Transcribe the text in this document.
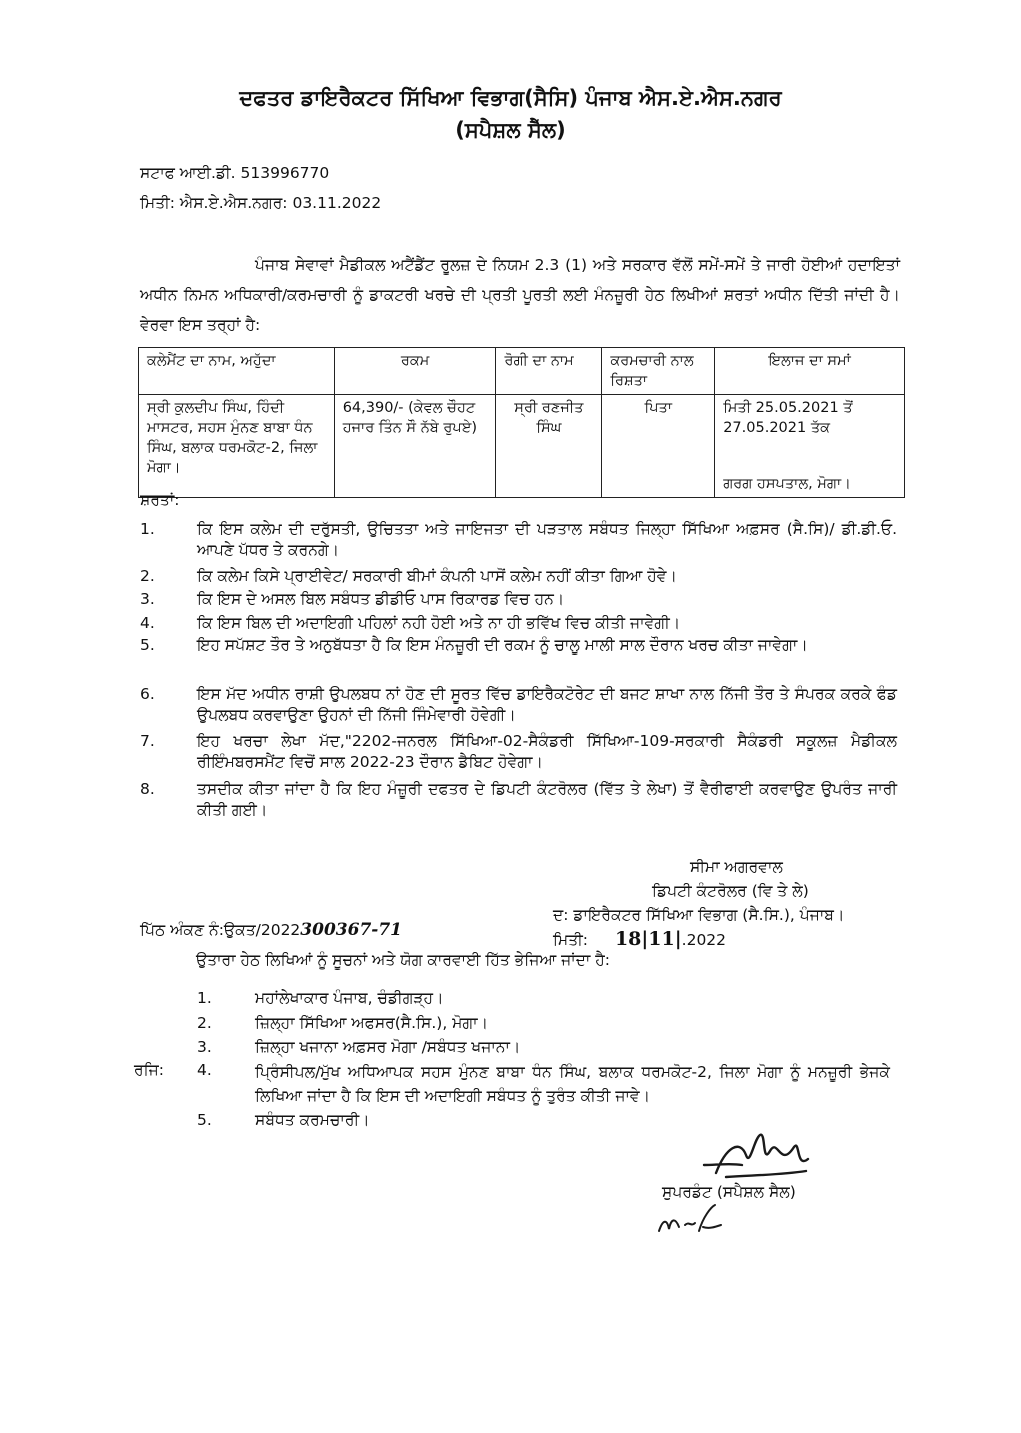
ਦਫਤਰ ਡਾਇਰੈਕਟਰ ਸਿੱਖਿਆ ਵਿਭਾਗ(ਸੈਸਿ) ਪੰਜਾਬ ਐਸ.ਏ.ਐਸ.ਨਗਰ
(ਸਪੈਸ਼ਲ ਸੈੱਲ)
ਸਟਾਫ ਆਈ.ਡੀ. 513996770
ਮਿਤੀ: ਐਸ.ਏ.ਐਸ.ਨਗਰ: 03.11.2022
ਪੰਜਾਬ ਸੇਵਾਵਾਂ ਮੈਡੀਕਲ ਅਟੈਂਡੈਂਟ ਰੂਲਜ਼ ਦੇ ਨਿਯਮ 2.3 (1) ਅਤੇ ਸਰਕਾਰ ਵੱਲੋਂ ਸਮੇਂ-ਸਮੇਂ ਤੇ ਜਾਰੀ ਹੋਈਆਂ ਹਦਾਇਤਾਂ ਅਧੀਨ ਨਿਮਨ ਅਧਿਕਾਰੀ/ਕਰਮਚਾਰੀ ਨੂੰ ਡਾਕਟਰੀ ਖਰਚੇ ਦੀ ਪ੍ਰਤੀ ਪੂਰਤੀ ਲਈ ਮੰਨਜ਼ੂਰੀ ਹੇਠ ਲਿਖੀਆਂ ਸ਼ਰਤਾਂ ਅਧੀਨ ਦਿੱਤੀ ਜਾਂਦੀ ਹੈ। ਵੇਰਵਾ ਇਸ ਤਰ੍ਹਾਂ ਹੈ:
ਕਲੇਮੈਂਟ ਦਾ ਨਾਮ, ਅਹੁੱਦਾ	ਰਕਮ	ਰੋਗੀ ਦਾ ਨਾਮ	ਕਰਮਚਾਰੀ ਨਾਲ ਰਿਸ਼ਤਾ	ਇਲਾਜ ਦਾ ਸਮਾਂ
ਸ੍ਰੀ ਕੁਲਦੀਪ ਸਿੰਘ, ਹਿੰਦੀ ਮਾਸਟਰ, ਸਹਸ ਮੁੰਨਣ ਬਾਬਾ ਧੰਨ ਸਿੰਘ, ਬਲਾਕ ਧਰਮਕੋਟ-2, ਜਿਲਾ ਮੋਗਾ।	64,390/- (ਕੇਵਲ ਚੌਹਟ ਹਜਾਰ ਤਿੰਨ ਸੌ ਨੱਬੇ ਰੁਪਏ)	ਸ੍ਰੀ ਰਣਜੀਤ ਸਿੰਘ	ਪਿਤਾ	ਮਿਤੀ 25.05.2021 ਤੋਂ 27.05.2021 ਤੱਕ
ਗਰਗ ਹਸਪਤਾਲ, ਮੋਗਾ।
ਸ਼ਰਤਾਂ:
1.	ਕਿ ਇਸ ਕਲੇਮ ਦੀ ਦਰੁੱਸਤੀ, ਉਚਿਤਤਾ ਅਤੇ ਜਾਇਜਤਾ ਦੀ ਪੜਤਾਲ ਸਬੰਧਤ ਜਿਲ੍ਹਾ ਸਿੱਖਿਆ ਅਫ਼ਸਰ (ਸੈ.ਸਿ)/ ਡੀ.ਡੀ.ਓ. ਆਪਣੇ ਪੱਧਰ ਤੇ ਕਰਨਗੇ।
2.	ਕਿ ਕਲੇਮ ਕਿਸੇ ਪ੍ਰਾਈਵੇਟ/ ਸਰਕਾਰੀ ਬੀਮਾਂ ਕੰਪਨੀ ਪਾਸੋਂ ਕਲੇਮ ਨਹੀਂ ਕੀਤਾ ਗਿਆ ਹੋਵੇ।
3.	ਕਿ ਇਸ ਦੇ ਅਸਲ ਬਿਲ ਸਬੰਧਤ ਡੀਡੀਓ ਪਾਸ ਰਿਕਾਰਡ ਵਿਚ ਹਨ।
4.	ਕਿ ਇਸ ਬਿਲ ਦੀ ਅਦਾਇਗੀ ਪਹਿਲਾਂ ਨਹੀ ਹੋਈ ਅਤੇ ਨਾ ਹੀ ਭਵਿੱਖ ਵਿਚ ਕੀਤੀ ਜਾਵੇਗੀ।
5.	ਇਹ ਸਪੱਸ਼ਟ ਤੌਰ ਤੇ ਅਨੁਬੱਧਤਾ ਹੈ ਕਿ ਇਸ ਮੰਨਜ਼ੂਰੀ ਦੀ ਰਕਮ ਨੂੰ ਚਾਲੂ ਮਾਲੀ ਸਾਲ ਦੌਰਾਨ ਖਰਚ ਕੀਤਾ ਜਾਵੇਗਾ।
6.	ਇਸ ਮੱਦ ਅਧੀਨ ਰਾਸ਼ੀ ਉਪਲਬਧ ਨਾਂ ਹੋਣ ਦੀ ਸੂਰਤ ਵਿੱਚ ਡਾਇਰੈਕਟੋਰੇਟ ਦੀ ਬਜਟ ਸ਼ਾਖਾ ਨਾਲ ਨਿੱਜੀ ਤੌਰ ਤੇ ਸੰਪਰਕ ਕਰਕੇ ਫੰਡ ਉਪਲਬਧ ਕਰਵਾਉਣਾ ਉਹਨਾਂ ਦੀ ਨਿੱਜੀ ਜਿੰਮੇਵਾਰੀ ਹੋਵੇਗੀ।
7.	ਇਹ ਖਰਚਾ ਲੇਖਾ ਮੱਦ,"2202-ਜਨਰਲ ਸਿੱਖਿਆ-02-ਸੈਕੰਡਰੀ ਸਿੱਖਿਆ-109-ਸਰਕਾਰੀ ਸੈਕੰਡਰੀ ਸਕੂਲਜ਼ ਮੈਡੀਕਲ ਰੀਇੰਮਬਰਸਮੈਂਟ ਵਿਚੋਂ ਸਾਲ 2022-23 ਦੌਰਾਨ ਡੈਬਿਟ ਹੋਵੇਗਾ।
8.	ਤਸਦੀਕ ਕੀਤਾ ਜਾਂਦਾ ਹੈ ਕਿ ਇਹ ਮੰਜ਼ੂਰੀ ਦਫਤਰ ਦੇ ਡਿਪਟੀ ਕੰਟਰੋਲਰ (ਵਿੱਤ ਤੇ ਲੇਖਾ) ਤੋਂ ਵੈਰੀਫਾਈ ਕਰਵਾਉਣ ਉਪਰੰਤ ਜਾਰੀ ਕੀਤੀ ਗਈ।
ਸੀਮਾ ਅਗਰਵਾਲ
ਡਿਪਟੀ ਕੰਟਰੋਲਰ (ਵਿ ਤੇ ਲੇ)
ਦ: ਡਾਇਰੈਕਟਰ ਸਿੱਖਿਆ ਵਿਭਾਗ (ਸੈ.ਸਿ.), ਪੰਜਾਬ।
ਪਿੱਠ ਅੰਕਣ ਨੰ:ਉਕਤ/2022300367-71	ਮਿਤੀ: 18|11|.2022
ਉਤਾਰਾ ਹੇਠ ਲਿਖਿਆਂ ਨੂੰ ਸੂਚਨਾਂ ਅਤੇ ਯੋਗ ਕਾਰਵਾਈ ਹਿੱਤ ਭੇਜਿਆ ਜਾਂਦਾ ਹੈ:
1.	ਮਹਾਂਲੇਖਾਕਾਰ ਪੰਜਾਬ, ਚੰਡੀਗੜ੍ਹ।
2.	ਜ਼ਿਲ੍ਹਾ ਸਿੱਖਿਆ ਅਫਸਰ(ਸੈ.ਸਿ.), ਮੋਗਾ।
3.	ਜ਼ਿਲ੍ਹਾ ਖਜਾਨਾ ਅਫ਼ਸਰ ਮੋਗਾ /ਸਬੰਧਤ ਖਜਾਨਾ।
ਰਜਿ: 4.	ਪ੍ਰਿੰਸੀਪਲ/ਮੁੱਖ ਅਧਿਆਪਕ ਸਹਸ ਮੁੰਨਣ ਬਾਬਾ ਧੰਨ ਸਿੰਘ, ਬਲਾਕ ਧਰਮਕੋਟ-2, ਜਿਲਾ ਮੋਗਾ ਨੂੰ ਮਨਜ਼ੂਰੀ ਭੇਜਕੇ ਲਿਖਿਆ ਜਾਂਦਾ ਹੈ ਕਿ ਇਸ ਦੀ ਅਦਾਇਗੀ ਸਬੰਧਤ ਨੂੰ ਤੁਰੰਤ ਕੀਤੀ ਜਾਵੇ।
5.	ਸਬੰਧਤ ਕਰਮਚਾਰੀ।
ਸੁਪਰਡੰਟ (ਸਪੈਸ਼ਲ ਸੈਲ)
